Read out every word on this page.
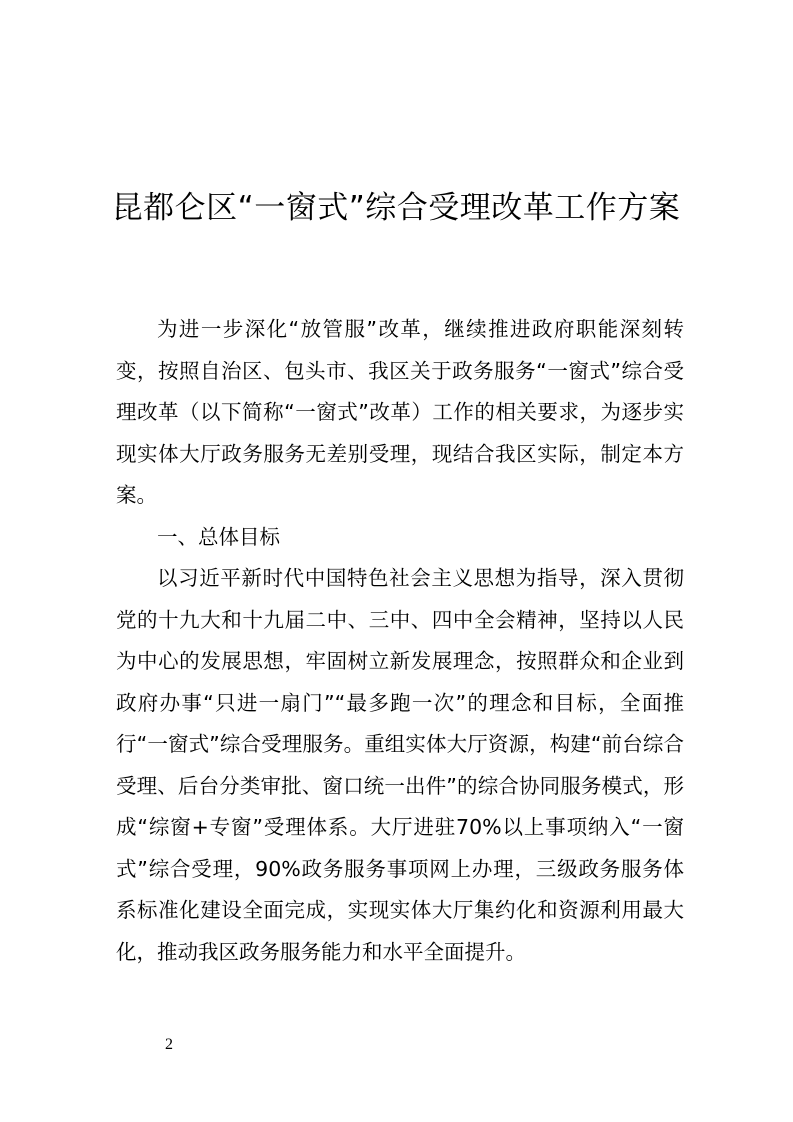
昆都仑区“一窗式”综合受理改革工作方案

为进一步深化“放管服”改革，继续推进政府职能深刻转变，按照自治区、包头市、我区关于政务服务“一窗式”综合受理改革（以下简称“一窗式”改革）工作的相关要求，为逐步实现实体大厅政务服务无差别受理，现结合我区实际，制定本方案。

一、总体目标

以习近平新时代中国特色社会主义思想为指导，深入贯彻党的十九大和十九届二中、三中、四中全会精神，坚持以人民为中心的发展思想，牢固树立新发展理念，按照群众和企业到政府办事“只进一扇门”“最多跑一次”的理念和目标，全面推行“一窗式”综合受理服务。重组实体大厅资源，构建“前台综合受理、后台分类审批、窗口统一出件”的综合协同服务模式，形成“综窗+专窗”受理体系。大厅进驻70%以上事项纳入“一窗式”综合受理，90%政务服务事项网上办理，三级政务服务体系标准化建设全面完成，实现实体大厅集约化和资源利用最大化，推动我区政务服务能力和水平全面提升。

2
